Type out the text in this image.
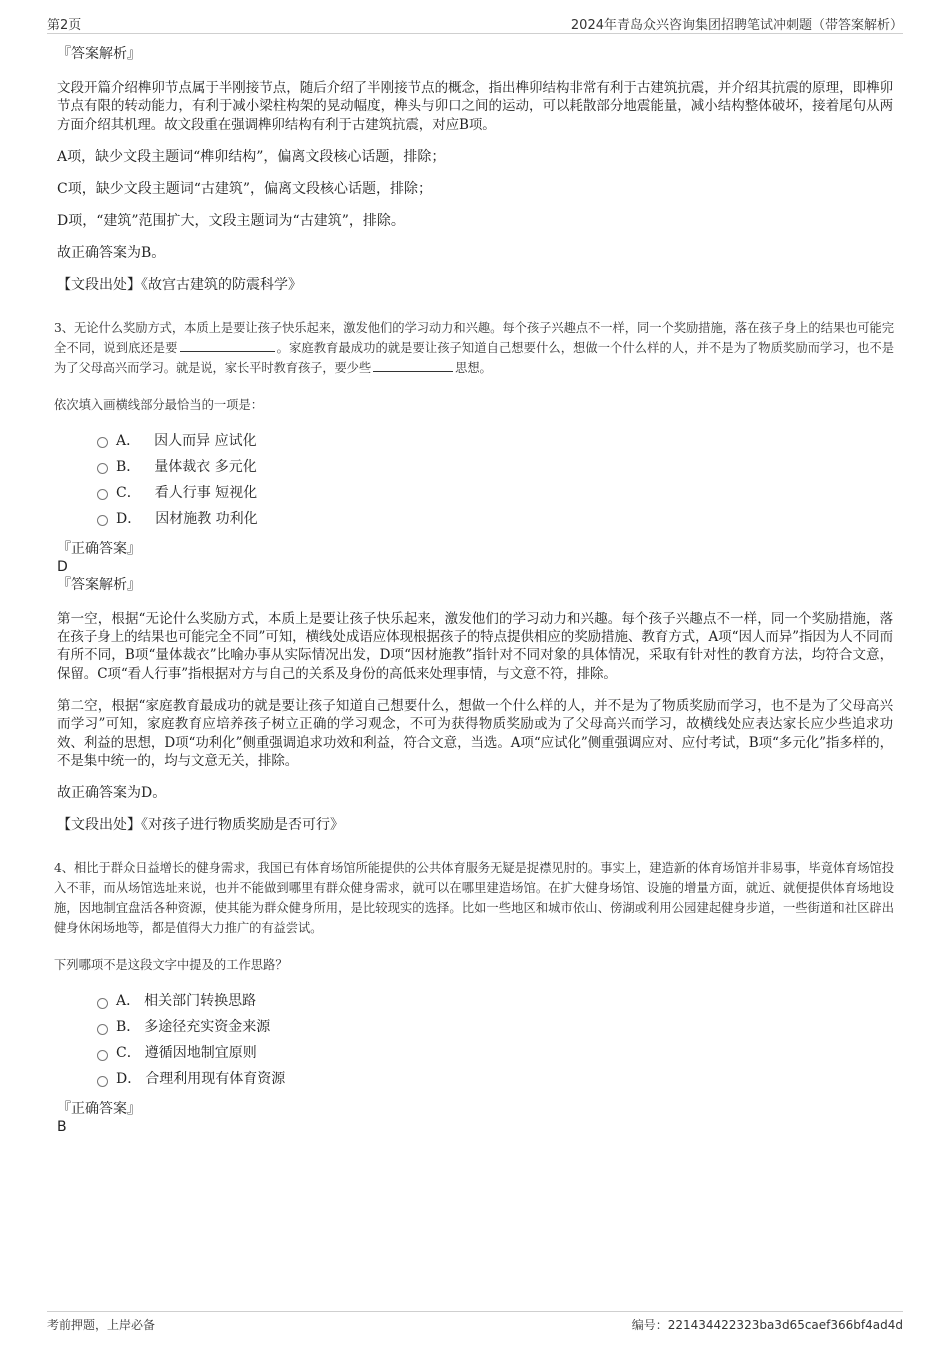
第2页	2024年青岛众兴咨询集团招聘笔试冲刺题（带答案解析）
『答案解析』
文段开篇介绍榫卯节点属于半刚接节点，随后介绍了半刚接节点的概念，指出榫卯结构非常有利于古建筑抗震，并介绍其抗震的原理，即榫卯节点有限的转动能力，有利于减小梁柱构架的晃动幅度，榫头与卯口之间的运动，可以耗散部分地震能量，减小结构整体破坏，接着尾句从两方面介绍其机理。故文段重在强调榫卯结构有利于古建筑抗震，对应B项。
A项，缺少文段主题词“榫卯结构”，偏离文段核心话题，排除；
C项，缺少文段主题词“古建筑”，偏离文段核心话题，排除；
D项，“建筑”范围扩大，文段主题词为“古建筑”，排除。
故正确答案为B。
【文段出处】《故宫古建筑的防震科学》
3、无论什么奖励方式，本质上是要让孩子快乐起来，激发他们的学习动力和兴趣。每个孩子兴趣点不一样，同一个奖励措施，落在孩子身上的结果也可能完全不同，说到底还是要	。家庭教育最成功的就是要让孩子知道自己想要什么，想做一个什么样的人，并不是为了物质奖励而学习，也不是为了父母高兴而学习。就是说，家长平时教育孩子，要少些	思想。
依次填入画横线部分最恰当的一项是：
A． 因人而异 应试化
B． 量体裁衣 多元化
C． 看人行事 短视化
D． 因材施教 功利化
『正确答案』
D
『答案解析』
第一空，根据“无论什么奖励方式，本质上是要让孩子快乐起来，激发他们的学习动力和兴趣。每个孩子兴趣点不一样，同一个奖励措施，落在孩子身上的结果也可能完全不同”可知，横线处成语应体现根据孩子的特点提供相应的奖励措施、教育方式，A项“因人而异”指因为人不同而有所不同，B项“量体裁衣”比喻办事从实际情况出发，D项“因材施教”指针对不同对象的具体情况，采取有针对性的教育方法，均符合文意，保留。C项“看人行事”指根据对方与自己的关系及身份的高低来处理事情，与文意不符，排除。
第二空，根据“家庭教育最成功的就是要让孩子知道自己想要什么，想做一个什么样的人，并不是为了物质奖励而学习，也不是为了父母高兴而学习”可知，家庭教育应培养孩子树立正确的学习观念，不可为获得物质奖励或为了父母高兴而学习，故横线处应表达家长应少些追求功效、利益的思想，D项“功利化”侧重强调追求功效和利益，符合文意，当选。A项“应试化”侧重强调应对、应付考试，B项“多元化”指多样的，不是集中统一的，均与文意无关，排除。
故正确答案为D。
【文段出处】《对孩子进行物质奖励是否可行》
4、相比于群众日益增长的健身需求，我国已有体育场馆所能提供的公共体育服务无疑是捉襟见肘的。事实上，建造新的体育场馆并非易事，毕竟体育场馆投入不菲，而从场馆选址来说，也并不能做到哪里有群众健身需求，就可以在哪里建造场馆。在扩大健身场馆、设施的增量方面，就近、就便提供体育场地设施，因地制宜盘活各种资源，使其能为群众健身所用，是比较现实的选择。比如一些地区和城市依山、傍湖或利用公园建起健身步道，一些街道和社区辟出健身休闲场地等，都是值得大力推广的有益尝试。
下列哪项不是这段文字中提及的工作思路？
A． 相关部门转换思路
B． 多途径充实资金来源
C． 遵循因地制宜原则
D． 合理利用现有体育资源
『正确答案』
B
考前押题，上岸必备	编号：221434422323ba3d65caef366bf4ad4d
